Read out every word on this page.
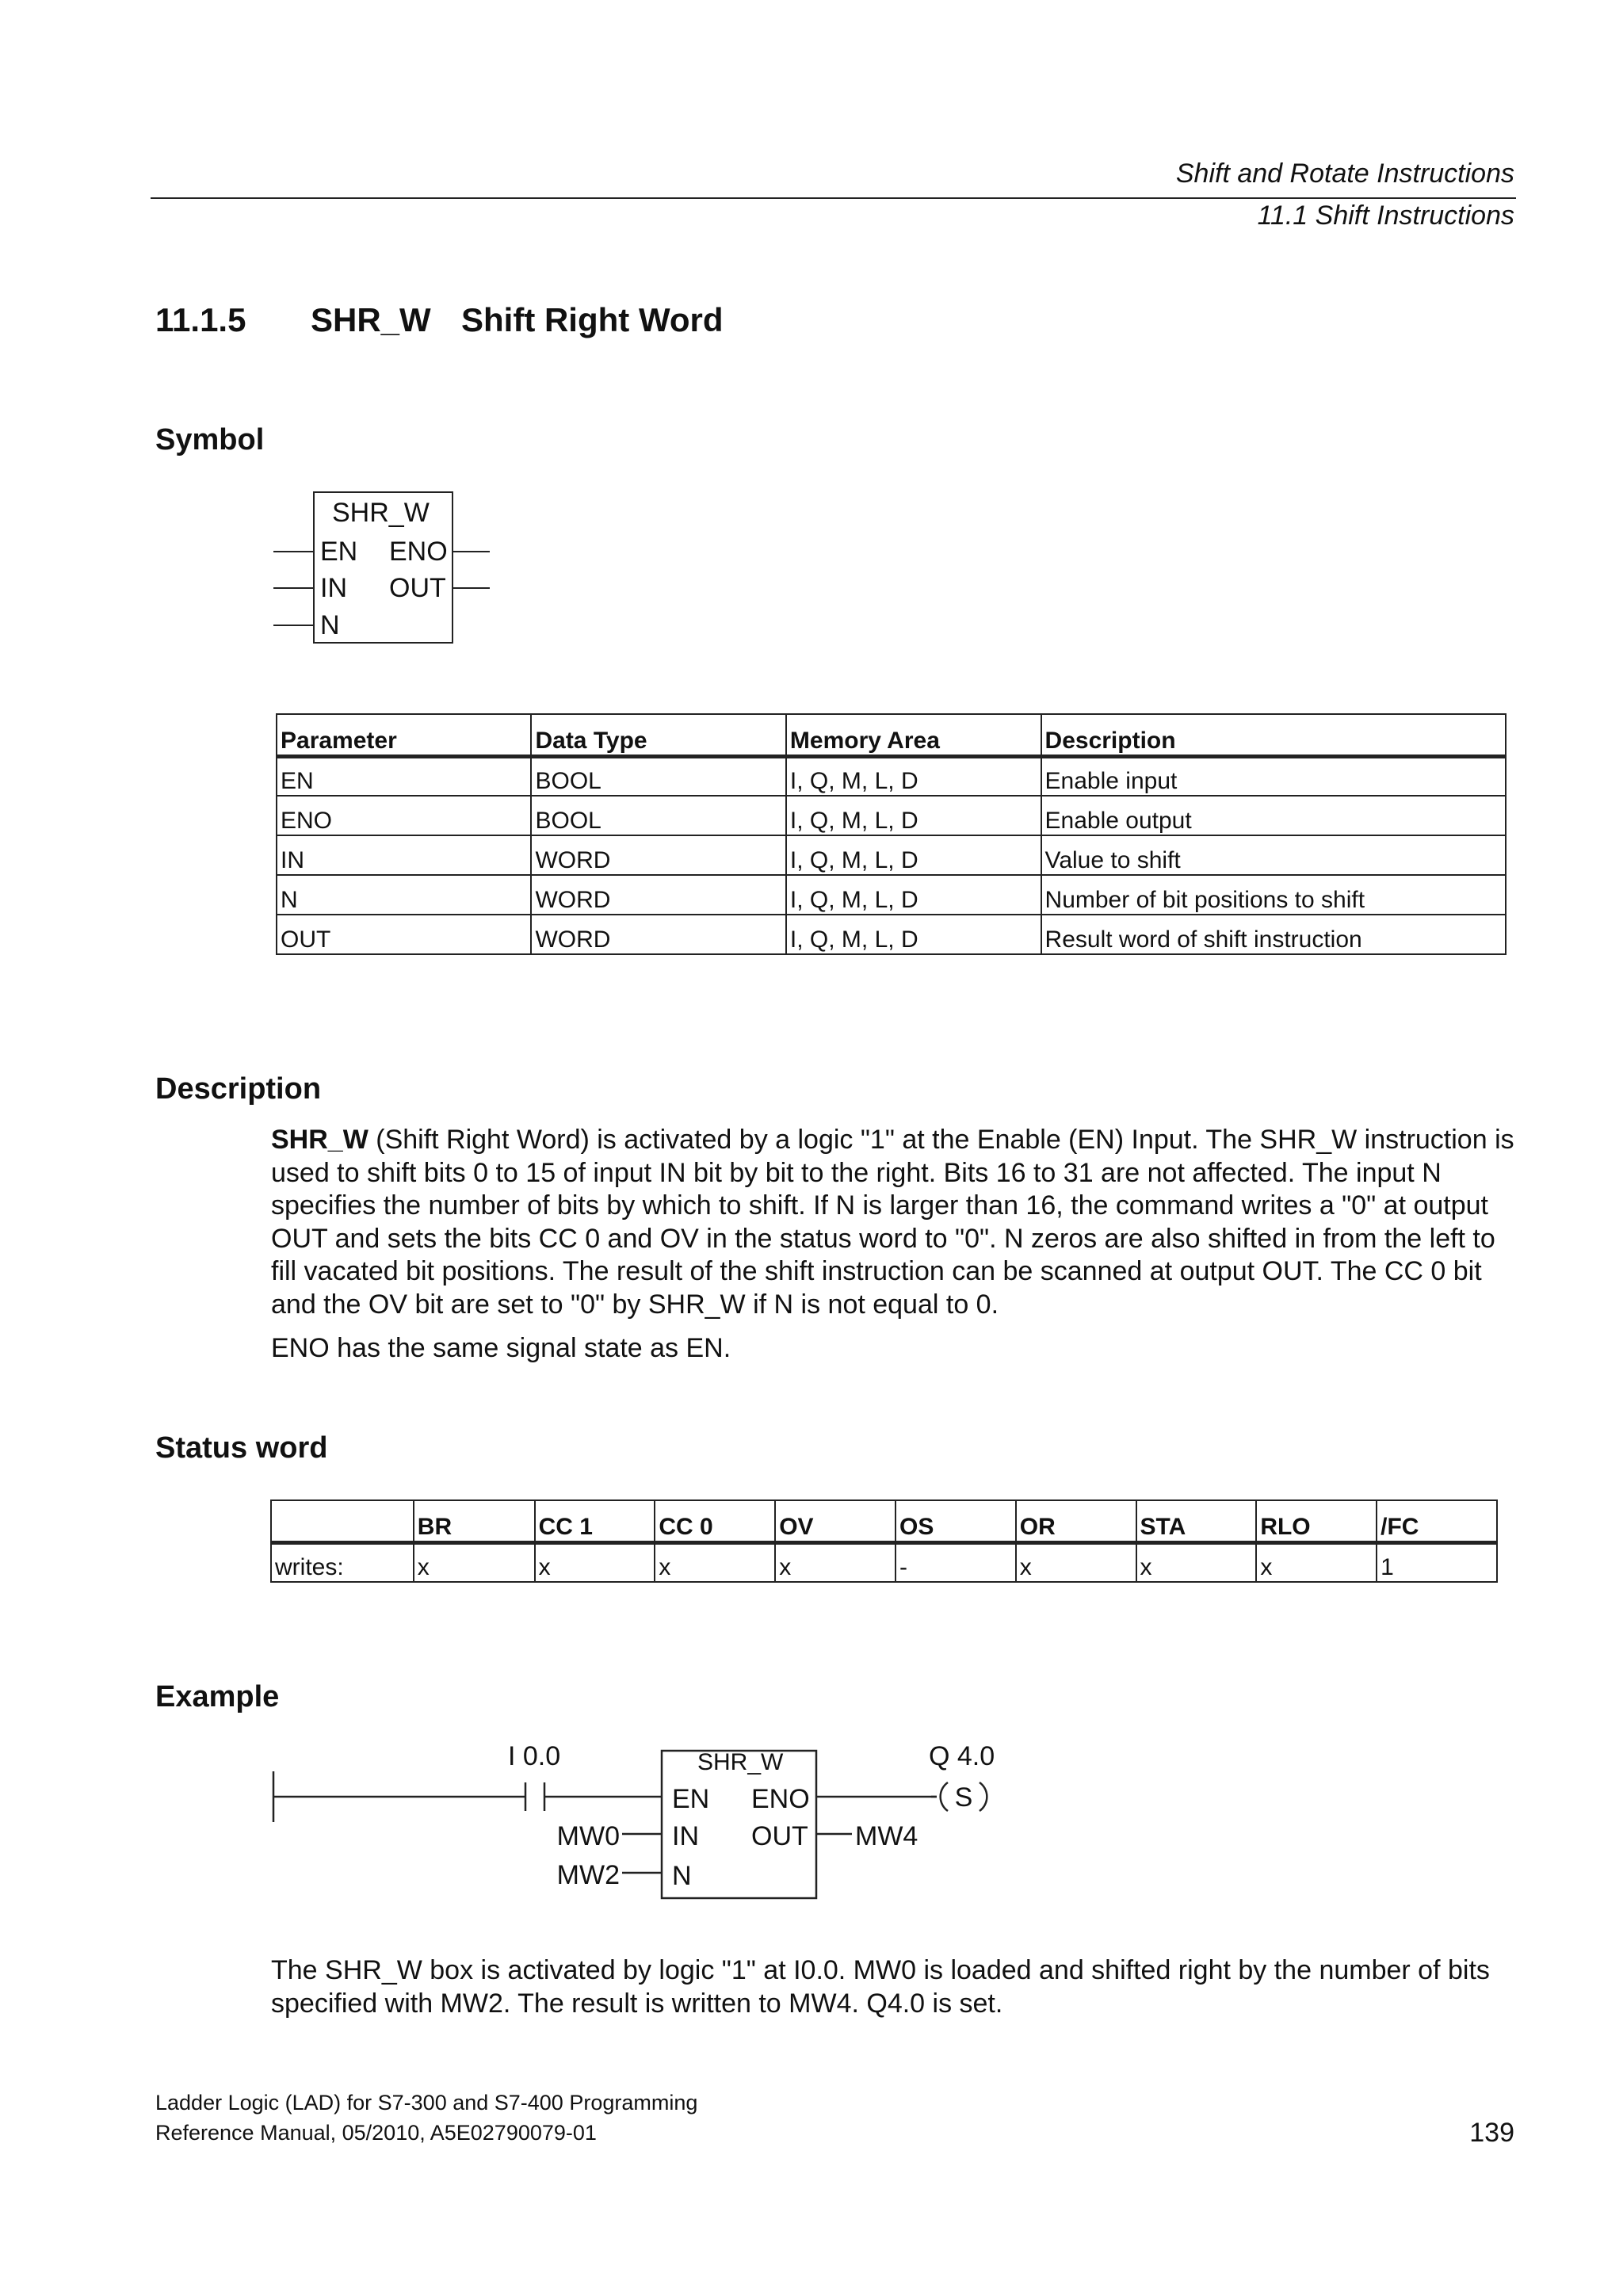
Shift and Rotate Instructions
11.1 Shift Instructions
11.1.5 SHR_W Shift Right Word
Symbol
SHR_W
EN ENO
IN OUT
N
Parameter	Data Type	Memory Area	Description
EN	BOOL	I, Q, M, L, D	Enable input
ENO	BOOL	I, Q, M, L, D	Enable output
IN	WORD	I, Q, M, L, D	Value to shift
N	WORD	I, Q, M, L, D	Number of bit positions to shift
OUT	WORD	I, Q, M, L, D	Result word of shift instruction
Description
SHR_W (Shift Right Word) is activated by a logic "1" at the Enable (EN) Input. The SHR_W instruction is used to shift bits 0 to 15 of input IN bit by bit to the right. Bits 16 to 31 are not affected. The input N specifies the number of bits by which to shift. If N is larger than 16, the command writes a "0" at output OUT and sets the bits CC 0 and OV in the status word to "0". N zeros are also shifted in from the left to fill vacated bit positions. The result of the shift instruction can be scanned at output OUT. The CC 0 bit and the OV bit are set to "0" by SHR_W if N is not equal to 0.
ENO has the same signal state as EN.
Status word
	BR	CC 1	CC 0	OV	OS	OR	STA	RLO	/FC
writes:	x	x	x	x	-	x	x	x	1
Example
I 0.0	SHR_W
EN ENO
IN OUT
N
MW0
MW2
MW4
Q 4.0
S
The SHR_W box is activated by logic "1" at I0.0. MW0 is loaded and shifted right by the number of bits specified with MW2. The result is written to MW4. Q4.0 is set.
Ladder Logic (LAD) for S7-300 and S7-400 Programming
Reference Manual, 05/2010, A5E02790079-01	139
